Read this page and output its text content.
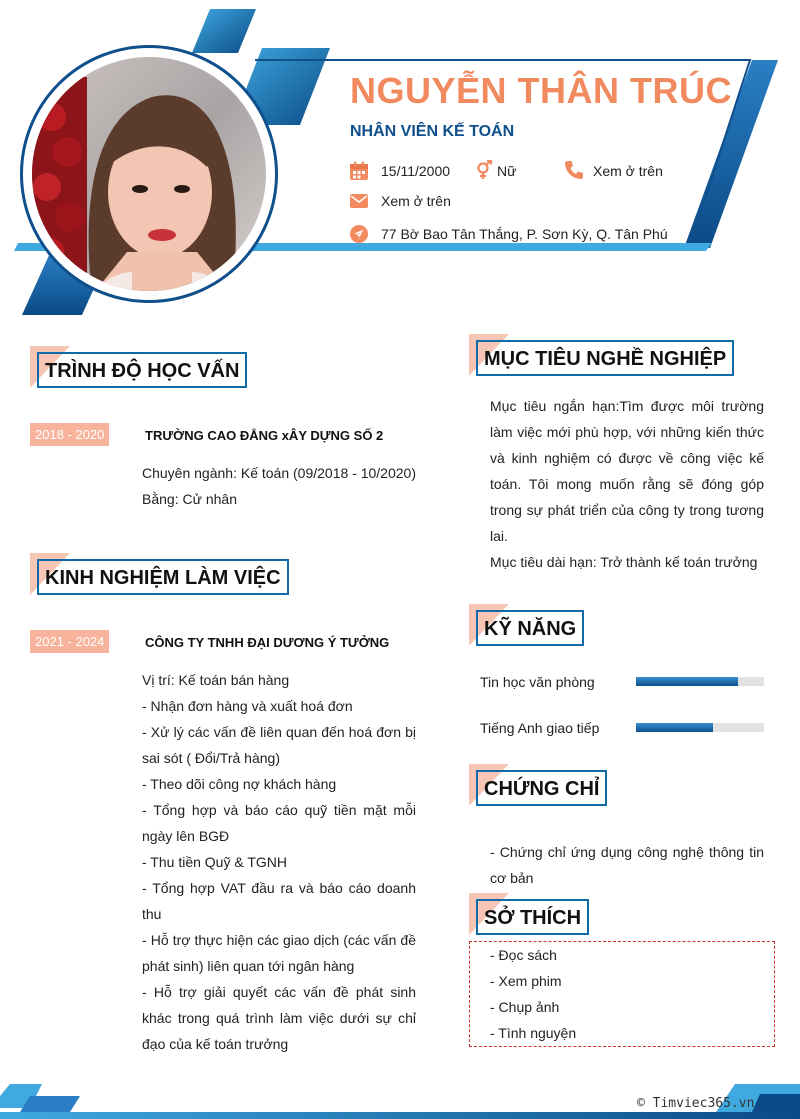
NGUYỄN THÂN TRÚC
NHÂN VIÊN KẾ TOÁN
15/11/2000	Nữ	Xem ở trên
Xem ở trên
77 Bờ Bao Tân Thắng, P. Sơn Kỳ, Q. Tân Phú
TRÌNH ĐỘ HỌC VẤN
2018 - 2020	TRƯỜNG CAO ĐẲNG xÂY DỰNG SỐ 2

Chuyên ngành: Kế toán (09/2018 - 10/2020)

Bằng: Cử nhân

KINH NGHIỆM LÀM VIỆC
2021 - 2024	CÔNG TY TNHH ĐẠI DƯƠNG Ý TƯỞNG

Vị trí: Kế toán bán hàng

- Nhận đơn hàng và xuất hoá đơn

- Xử lý các vấn đề liên quan đến hoá đơn bị sai sót ( Đổi/Trả hàng)

- Theo dõi công nợ khách hàng

- Tổng hợp và báo cáo quỹ tiền mặt mỗi ngày lên BGĐ

- Thu tiền Quỹ & TGNH

- Tổng hợp VAT đầu ra và báo cáo doanh thu

- Hỗ trợ thực hiện các giao dịch (các vấn đề phát sinh) liên quan tới ngân hàng

- Hỗ trợ giải quyết các vấn đề phát sinh khác trong quá trình làm việc dưới sự chỉ đạo của kế toán trưởng

MỤC TIÊU NGHỀ NGHIỆP

Mục tiêu ngắn hạn:Tìm được môi trường làm việc mới phù hợp, với những kiến thức và kinh nghiệm có được về công việc kế toán. Tôi mong muốn rằng sẽ đóng góp trong sự phát triển của công ty trong tương lai.

Mục tiêu dài hạn: Trở thành kế toán trưởng

KỸ NĂNG
Tin học văn phòng
Tiếng Anh giao tiếp
CHỨNG CHỈ

- Chứng chỉ ứng dụng công nghệ thông tin cơ bản

SỞ THÍCH

- Đọc sách

- Xem phim

- Chụp ảnh

- Tình nguyện

© Timviec365.vn
